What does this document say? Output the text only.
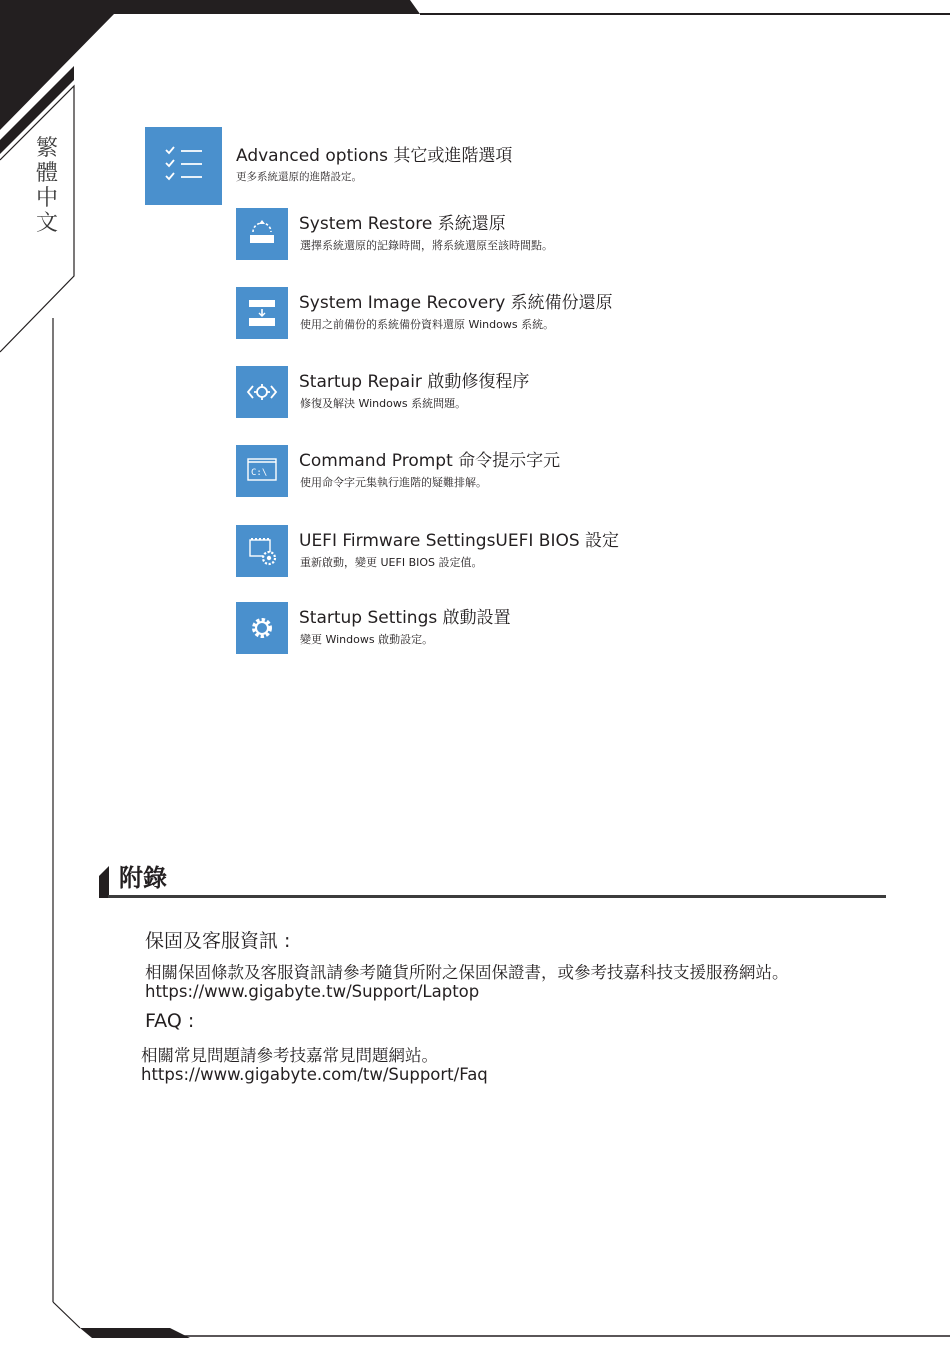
繁
體
中
文
Advanced options 其它或進階選項
更多系統還原的進階設定。
System Restore 系統還原
選擇系統還原的記錄時間，將系統還原至該時間點。
System Image Recovery 系統備份還原
使用之前備份的系統備份資料還原 Windows 系統。
Startup Repair 啟動修復程序
修復及解決 Windows 系統問題。
C:\
Command Prompt 命令提示字元
使用命令字元集執行進階的疑難排解。
UEFI Firmware SettingsUEFI BIOS 設定
重新啟動，變更 UEFI BIOS 設定值。
Startup Settings 啟動設置
變更 Windows 啟動設定。
附錄
保固及客服資訊 :
相關保固條款及客服資訊請參考隨貨所附之保固保證書，或參考技嘉科技支援服務網站。
https://www.gigabyte.tw/Support/Laptop
FAQ :
相關常見問題請參考技嘉常見問題網站。
https://www.gigabyte.com/tw/Support/Faq
